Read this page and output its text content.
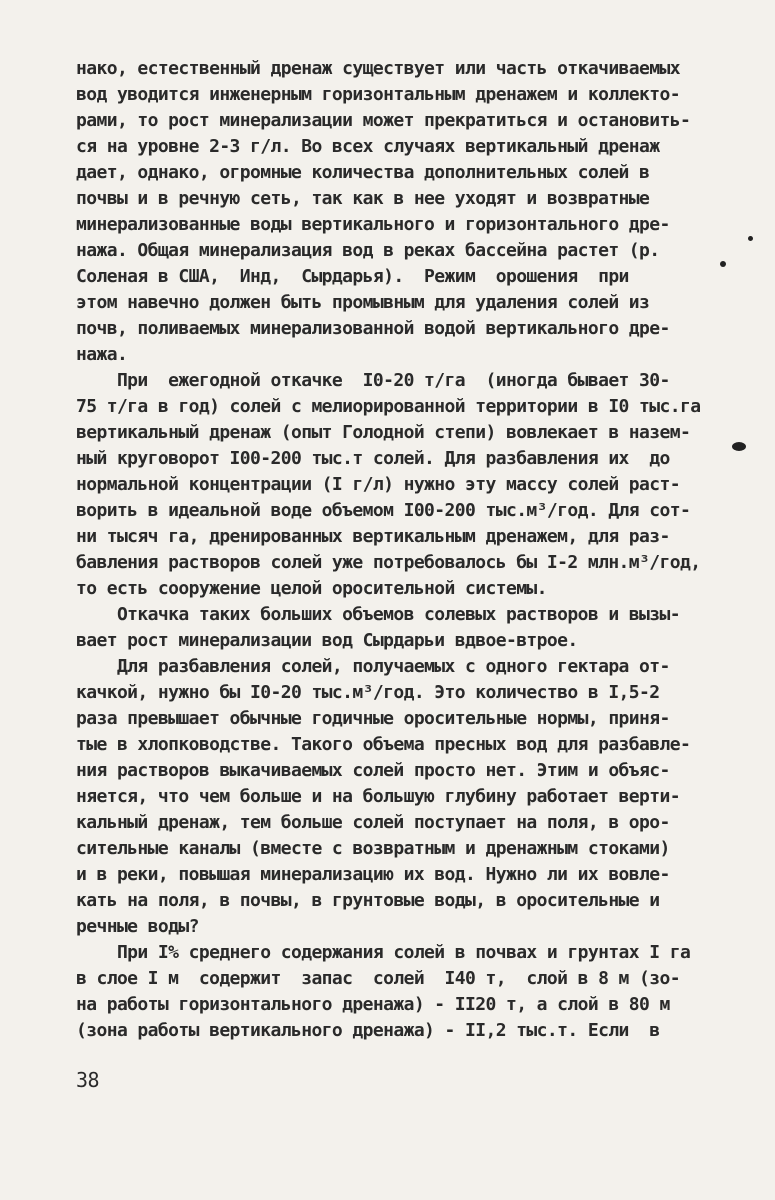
нако, естественный дренаж существует или часть откачиваемых
вод уводится инженерным горизонтальным дренажем и коллекто-
рами, то рост минерализации может прекратиться и остановить-
ся на уровне 2-3 г/л. Во всех случаях вертикальный дренаж
дает, однако, огромные количества дополнительных солей в
почвы и в речную сеть, так как в нее уходят и возвратные
минерализованные воды вертикального и горизонтального дре-
нажа. Общая минерализация вод в реках бассейна растет (р.
Соленая в США,  Инд,  Сырдарья).  Режим  орошения  при
этом навечно должен быть промывным для удаления солей из
почв, поливаемых минерализованной водой вертикального дре-
нажа.
При  ежегодной откачке  I0-20 т/га  (иногда бывает 30-
75 т/га в год) солей с мелиорированной территории в I0 тыс.га
вертикальный дренаж (опыт Голодной степи) вовлекает в назем-
ный круговорот I00-200 тыс.т солей. Для разбавления их  до
нормальной концентрации (I г/л) нужно эту массу солей раст-
ворить в идеальной воде объемом I00-200 тыс.м³/год. Для сот-
ни тысяч га, дренированных вертикальным дренажем, для раз-
бавления растворов солей уже потребовалось бы I-2 млн.м³/год,
то есть сооружение целой оросительной системы.
Откачка таких больших объемов солевых растворов и вызы-
вает рост минерализации вод Сырдарьи вдвое-втрое.
Для разбавления солей, получаемых с одного гектара от-
качкой, нужно бы I0-20 тыс.м³/год. Это количество в I,5-2
раза превышает обычные годичные оросительные нормы, приня-
тые в хлопководстве. Такого объема пресных вод для разбавле-
ния растворов выкачиваемых солей просто нет. Этим и объяс-
няется, что чем больше и на большую глубину работает верти-
кальный дренаж, тем больше солей поступает на поля, в оро-
сительные каналы (вместе с возвратным и дренажным стоками)
и в реки, повышая минерализацию их вод. Нужно ли их вовле-
кать на поля, в почвы, в грунтовые воды, в оросительные и
речные воды?
При I% среднего содержания солей в почвах и грунтах I га
в слое I м  содержит  запас  солей  I40 т,  слой в 8 м (зо-
на работы горизонтального дренажа) - II20 т, а слой в 80 м
(зона работы вертикального дренажа) - II,2 тыс.т. Если  в
38
